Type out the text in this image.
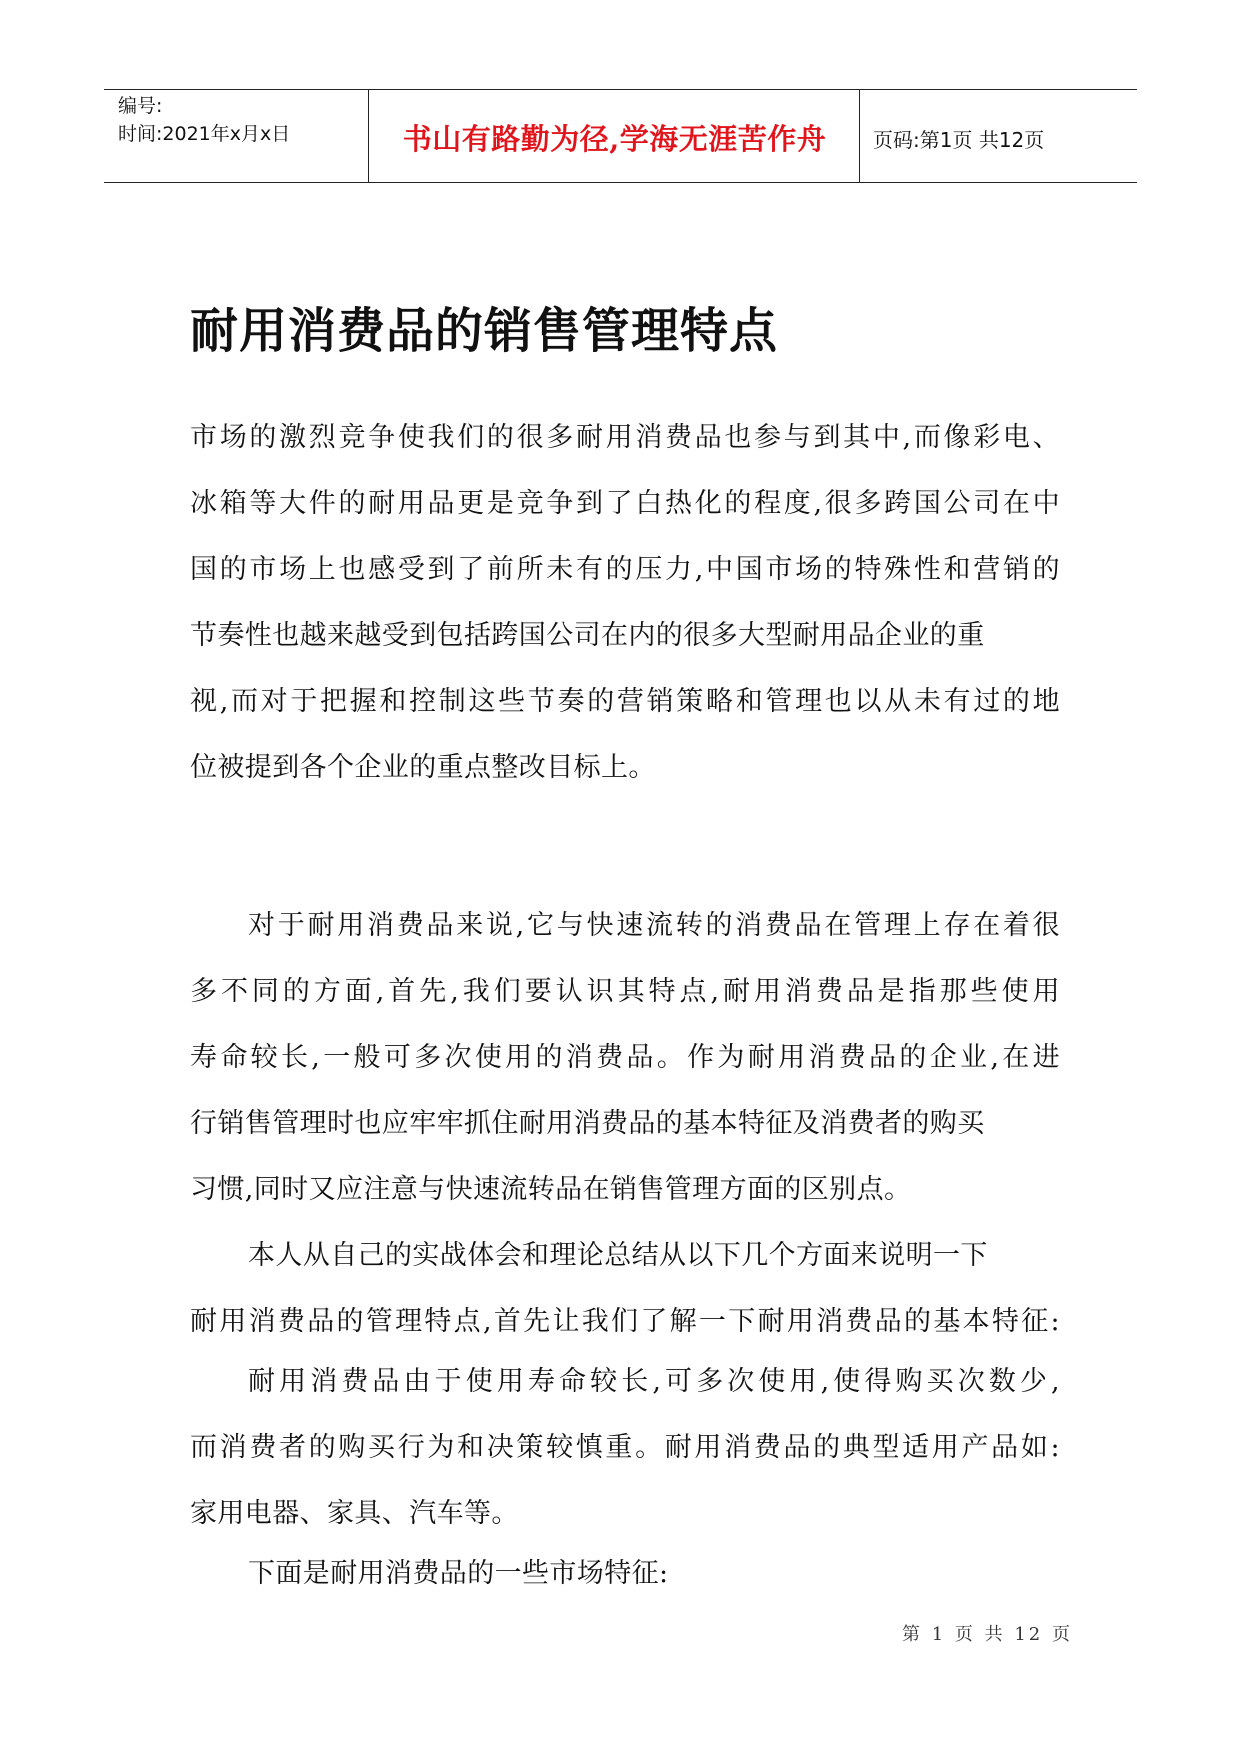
编号:
时间:2021年x月x日	书山有路勤为径,学海无涯苦作舟	页码:第1页 共12页
耐用消费品的销售管理特点
市场的激烈竞争使我们的很多耐用消费品也参与到其中,而像彩电、
冰箱等大件的耐用品更是竞争到了白热化的程度,很多跨国公司在中
国的市场上也感受到了前所未有的压力,中国市场的特殊性和营销的
节奏性也越来越受到包括跨国公司在内的很多大型耐用品企业的重
视,而对于把握和控制这些节奏的营销策略和管理也以从未有过的地
位被提到各个企业的重点整改目标上。
对于耐用消费品来说,它与快速流转的消费品在管理上存在着很
多不同的方面,首先,我们要认识其特点,耐用消费品是指那些使用
寿命较长,一般可多次使用的消费品。作为耐用消费品的企业,在进
行销售管理时也应牢牢抓住耐用消费品的基本特征及消费者的购买
习惯,同时又应注意与快速流转品在销售管理方面的区别点。
本人从自己的实战体会和理论总结从以下几个方面来说明一下
耐用消费品的管理特点,首先让我们了解一下耐用消费品的基本特征:
耐用消费品由于使用寿命较长,可多次使用,使得购买次数少,
而消费者的购买行为和决策较慎重。耐用消费品的典型适用产品如:
家用电器、家具、汽车等。
下面是耐用消费品的一些市场特征:
第 1 页 共 12 页
